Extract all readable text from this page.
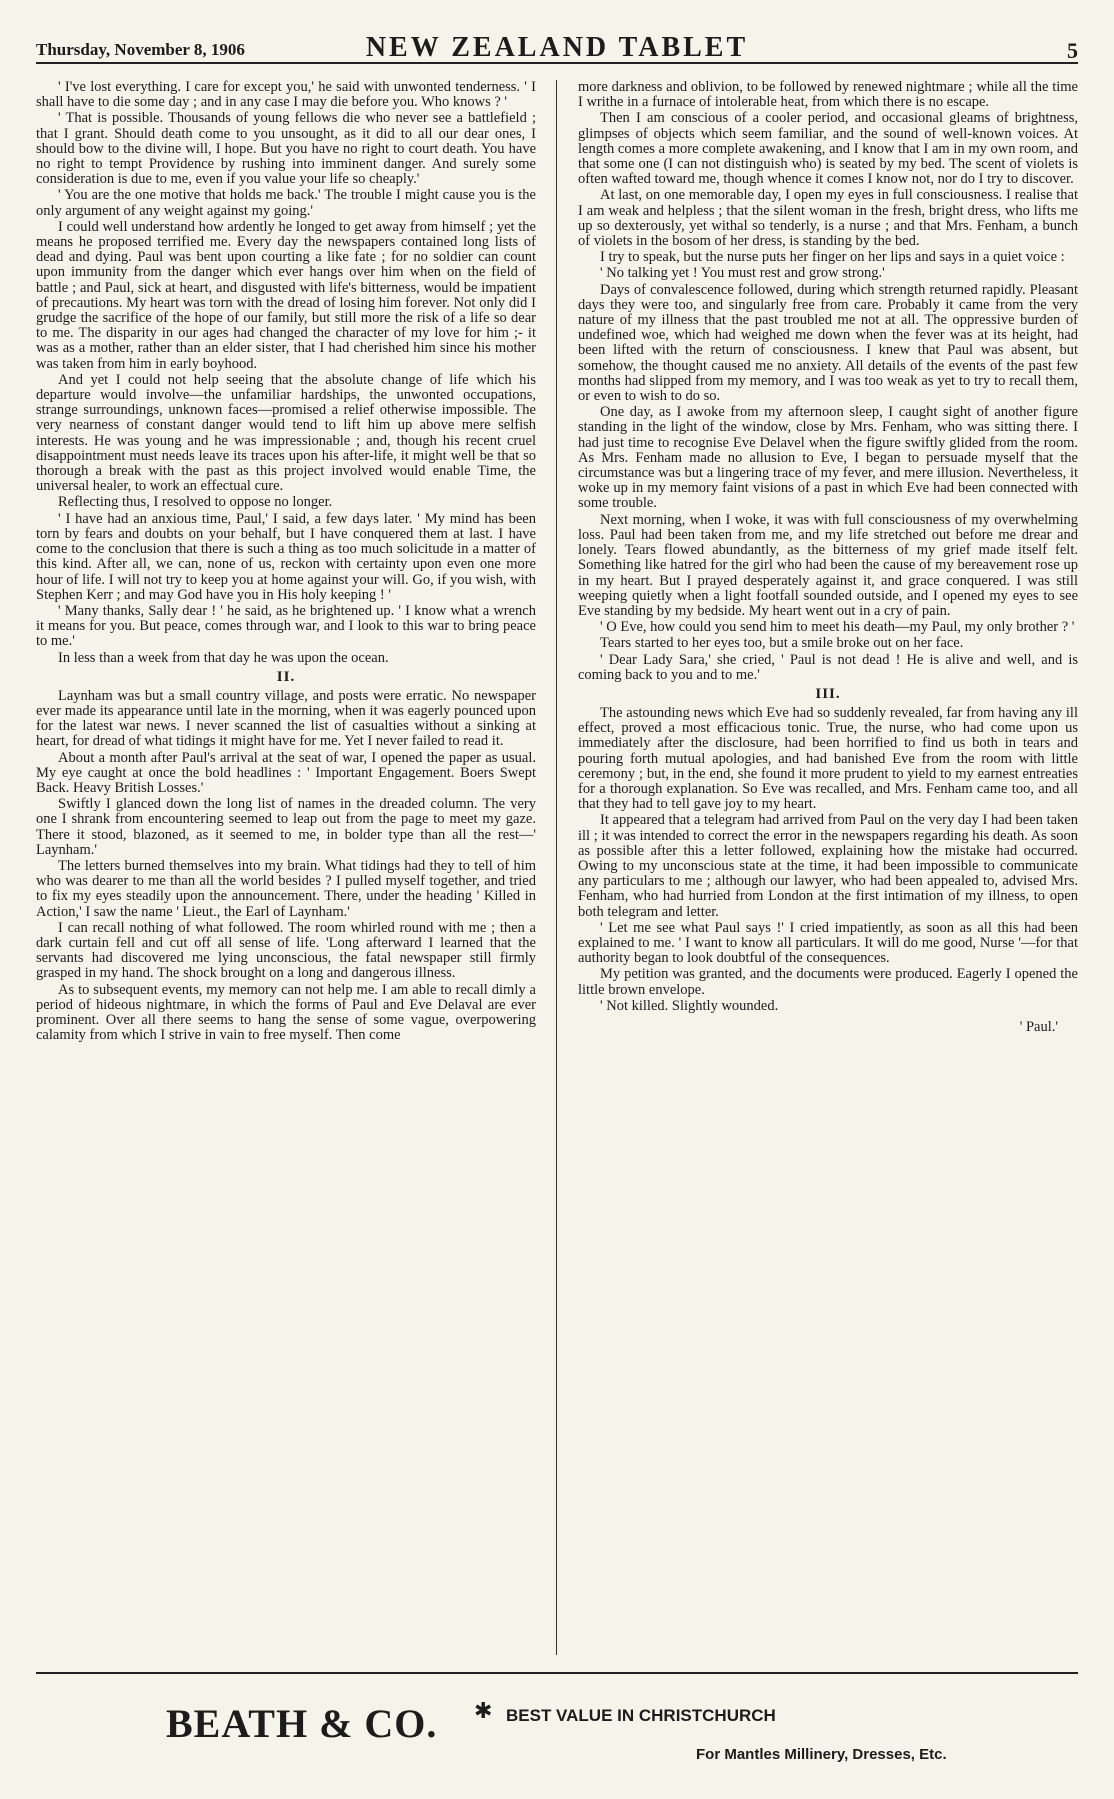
Thursday, November 8, 1906	NEW ZEALAND TABLET	5

' I've lost everything. I care for except you,' he said with unwonted tenderness. ' I shall have to die some day ; and in any case I may die before you. Who knows ? '

' That is possible. Thousands of young fellows die who never see a battlefield ; that I grant. Should death come to you unsought, as it did to all our dear ones, I should bow to the divine will, I hope. But you have no right to court death. You have no right to tempt Providence by rushing into imminent danger. And surely some consideration is due to me, even if you value your life so cheaply.'

' You are the one motive that holds me back.' The trouble I might cause you is the only argument of any weight against my going.'

I could well understand how ardently he longed to get away from himself ; yet the means he proposed terrified me. Every day the newspapers contained long lists of dead and dying. Paul was bent upon courting a like fate ; for no soldier can count upon immunity from the danger which ever hangs over him when on the field of battle ; and Paul, sick at heart, and disgusted with life's bitterness, would be impatient of precautions. My heart was torn with the dread of losing him forever. Not only did I grudge the sacrifice of the hope of our family, but still more the risk of a life so dear to me. The disparity in our ages had changed the character of my love for him ;- it was as a mother, rather than an elder sister, that I had cherished him since his mother was taken from him in early boyhood.

And yet I could not help seeing that the absolute change of life which his departure would involve—the unfamiliar hardships, the unwonted occupations, strange surroundings, unknown faces—promised a relief otherwise impossible. The very nearness of constant danger would tend to lift him up above mere selfish interests. He was young and he was impressionable ; and, though his recent cruel disappointment must needs leave its traces upon his after-life, it might well be that so thorough a break with the past as this project involved would enable Time, the universal healer, to work an effectual cure.

Reflecting thus, I resolved to oppose no longer.

' I have had an anxious time, Paul,' I said, a few days later. ' My mind has been torn by fears and doubts on your behalf, but I have conquered them at last. I have come to the conclusion that there is such a thing as too much solicitude in a matter of this kind. After all, we can, none of us, reckon with certainty upon even one more hour of life. I will not try to keep you at home against your will. Go, if you wish, with Stephen Kerr ; and may God have you in His holy keeping ! '

' Many thanks, Sally dear ! ' he said, as he brightened up. ' I know what a wrench it means for you. But peace, comes through war, and I look to this war to bring peace to me.'

In less than a week from that day he was upon the ocean.

II.

Laynham was but a small country village, and posts were erratic. No newspaper ever made its appearance until late in the morning, when it was eagerly pounced upon for the latest war news. I never scanned the list of casualties without a sinking at heart, for dread of what tidings it might have for me. Yet I never failed to read it.

About a month after Paul's arrival at the seat of war, I opened the paper as usual. My eye caught at once the bold headlines : ' Important Engagement. Boers Swept Back. Heavy British Losses.'

Swiftly I glanced down the long list of names in the dreaded column. The very one I shrank from encountering seemed to leap out from the page to meet my gaze. There it stood, blazoned, as it seemed to me, in bolder type than all the rest—' Laynham.'

The letters burned themselves into my brain. What tidings had they to tell of him who was dearer to me than all the world besides ? I pulled myself together, and tried to fix my eyes steadily upon the announcement. There, under the heading ' Killed in Action,' I saw the name ' Lieut., the Earl of Laynham.'

I can recall nothing of what followed. The room whirled round with me ; then a dark curtain fell and cut off all sense of life. 'Long afterward I learned that the servants had discovered me lying unconscious, the fatal newspaper still firmly grasped in my hand. The shock brought on a long and dangerous illness.

As to subsequent events, my memory can not help me. I am able to recall dimly a period of hideous nightmare, in which the forms of Paul and Eve Delaval are ever prominent. Over all there seems to hang the sense of some vague, overpowering calamity from which I strive in vain to free myself. Then come

more darkness and oblivion, to be followed by renewed nightmare ; while all the time I writhe in a furnace of intolerable heat, from which there is no escape.

Then I am conscious of a cooler period, and occasional gleams of brightness, glimpses of objects which seem familiar, and the sound of well-known voices. At length comes a more complete awakening, and I know that I am in my own room, and that some one (I can not distinguish who) is seated by my bed. The scent of violets is often wafted toward me, though whence it comes I know not, nor do I try to discover.

At last, on one memorable day, I open my eyes in full consciousness. I realise that I am weak and helpless ; that the silent woman in the fresh, bright dress, who lifts me up so dexterously, yet withal so tenderly, is a nurse ; and that Mrs. Fenham, a bunch of violets in the bosom of her dress, is standing by the bed.

I try to speak, but the nurse puts her finger on her lips and says in a quiet voice :

' No talking yet ! You must rest and grow strong.'

Days of convalescence followed, during which strength returned rapidly. Pleasant days they were too, and singularly free from care. Probably it came from the very nature of my illness that the past troubled me not at all. The oppressive burden of undefined woe, which had weighed me down when the fever was at its height, had been lifted with the return of consciousness. I knew that Paul was absent, but somehow, the thought caused me no anxiety. All details of the events of the past few months had slipped from my memory, and I was too weak as yet to try to recall them, or even to wish to do so.

One day, as I awoke from my afternoon sleep, I caught sight of another figure standing in the light of the window, close by Mrs. Fenham, who was sitting there. I had just time to recognise Eve Delavel when the figure swiftly glided from the room. As Mrs. Fenham made no allusion to Eve, I began to persuade myself that the circumstance was but a lingering trace of my fever, and mere illusion. Nevertheless, it woke up in my memory faint visions of a past in which Eve had been connected with some trouble.

Next morning, when I woke, it was with full consciousness of my overwhelming loss. Paul had been taken from me, and my life stretched out before me drear and lonely. Tears flowed abundantly, as the bitterness of my grief made itself felt. Something like hatred for the girl who had been the cause of my bereavement rose up in my heart. But I prayed desperately against it, and grace conquered. I was still weeping quietly when a light footfall sounded outside, and I opened my eyes to see Eve standing by my bedside. My heart went out in a cry of pain.

' O Eve, how could you send him to meet his death—my Paul, my only brother ? '

Tears started to her eyes too, but a smile broke out on her face.

' Dear Lady Sara,' she cried, ' Paul is not dead ! He is alive and well, and is coming back to you and to me.'

III.

The astounding news which Eve had so suddenly revealed, far from having any ill effect, proved a most efficacious tonic. True, the nurse, who had come upon us immediately after the disclosure, had been horrified to find us both in tears and pouring forth mutual apologies, and had banished Eve from the room with little ceremony ; but, in the end, she found it more prudent to yield to my earnest entreaties for a thorough explanation. So Eve was recalled, and Mrs. Fenham came too, and all that they had to tell gave joy to my heart.

It appeared that a telegram had arrived from Paul on the very day I had been taken ill ; it was intended to correct the error in the newspapers regarding his death. As soon as possible after this a letter followed, explaining how the mistake had occurred. Owing to my unconscious state at the time, it had been impossible to communicate any particulars to me ; although our lawyer, who had been appealed to, advised Mrs. Fenham, who had hurried from London at the first intimation of my illness, to open both telegram and letter.

' Let me see what Paul says !' I cried impatiently, as soon as all this had been explained to me. ' I want to know all particulars. It will do me good, Nurse '—for that authority began to look doubtful of the consequences.

My petition was granted, and the documents were produced. Eagerly I opened the little brown envelope.

' Not killed. Slightly wounded.

' Paul.'

BEATH & CO. ✱ BEST VALUE IN CHRISTCHURCH
For Mantles Millinery, Dresses, Etc.
